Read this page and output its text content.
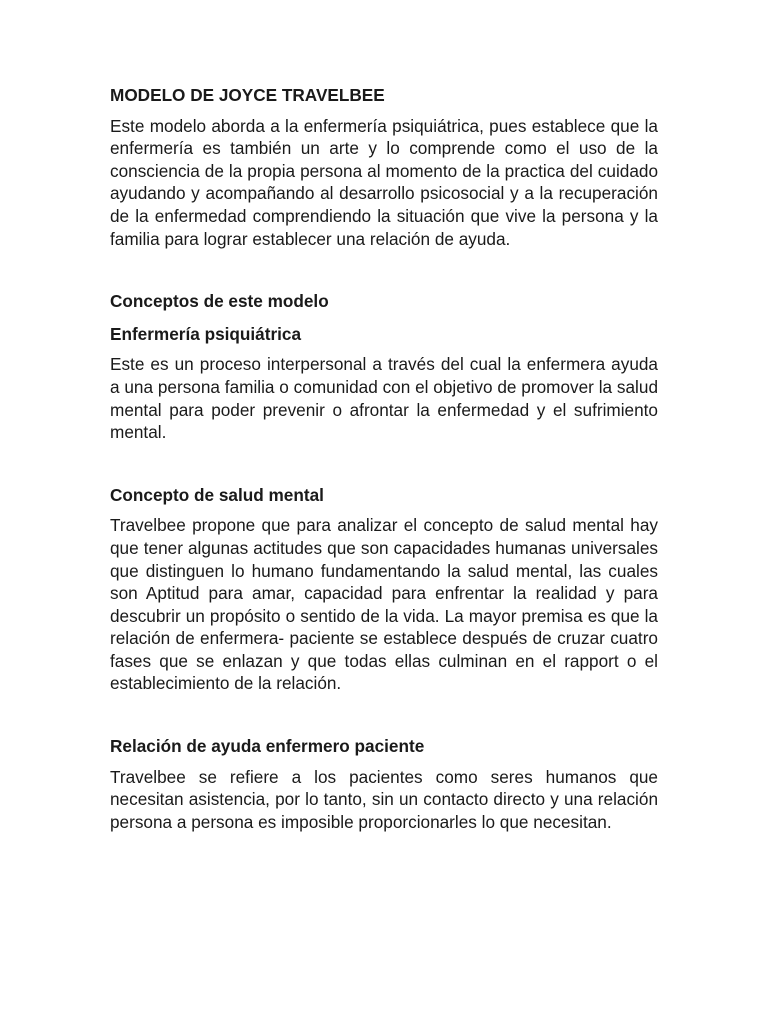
MODELO DE JOYCE TRAVELBEE

Este modelo aborda a la enfermería psiquiátrica, pues establece que la enfermería es también un arte y lo comprende como el uso de la consciencia de la propia persona al momento de la practica del cuidado ayudando y acompañando al desarrollo psicosocial y a la recuperación de la enfermedad comprendiendo la situación que vive la persona y la familia para lograr establecer una relación de ayuda.

Conceptos de este modelo

Enfermería psiquiátrica

Este es un proceso interpersonal a través del cual la enfermera ayuda a una persona familia o comunidad con el objetivo de promover la salud mental para poder prevenir o afrontar la enfermedad y el sufrimiento mental.

Concepto de salud mental

Travelbee propone que para analizar el concepto de salud mental hay que tener algunas actitudes que son capacidades humanas universales que distinguen lo humano fundamentando la salud mental, las cuales son Aptitud para amar, capacidad para enfrentar la realidad y para descubrir un propósito o sentido de la vida. La mayor premisa es que la relación de enfermera- paciente se establece después de cruzar cuatro fases que se enlazan y que todas ellas culminan en el rapport o el establecimiento de la relación.

Relación de ayuda enfermero paciente

Travelbee se refiere a los pacientes como seres humanos que necesitan asistencia, por lo tanto, sin un contacto directo y una relación persona a persona es imposible proporcionarles lo que necesitan.
